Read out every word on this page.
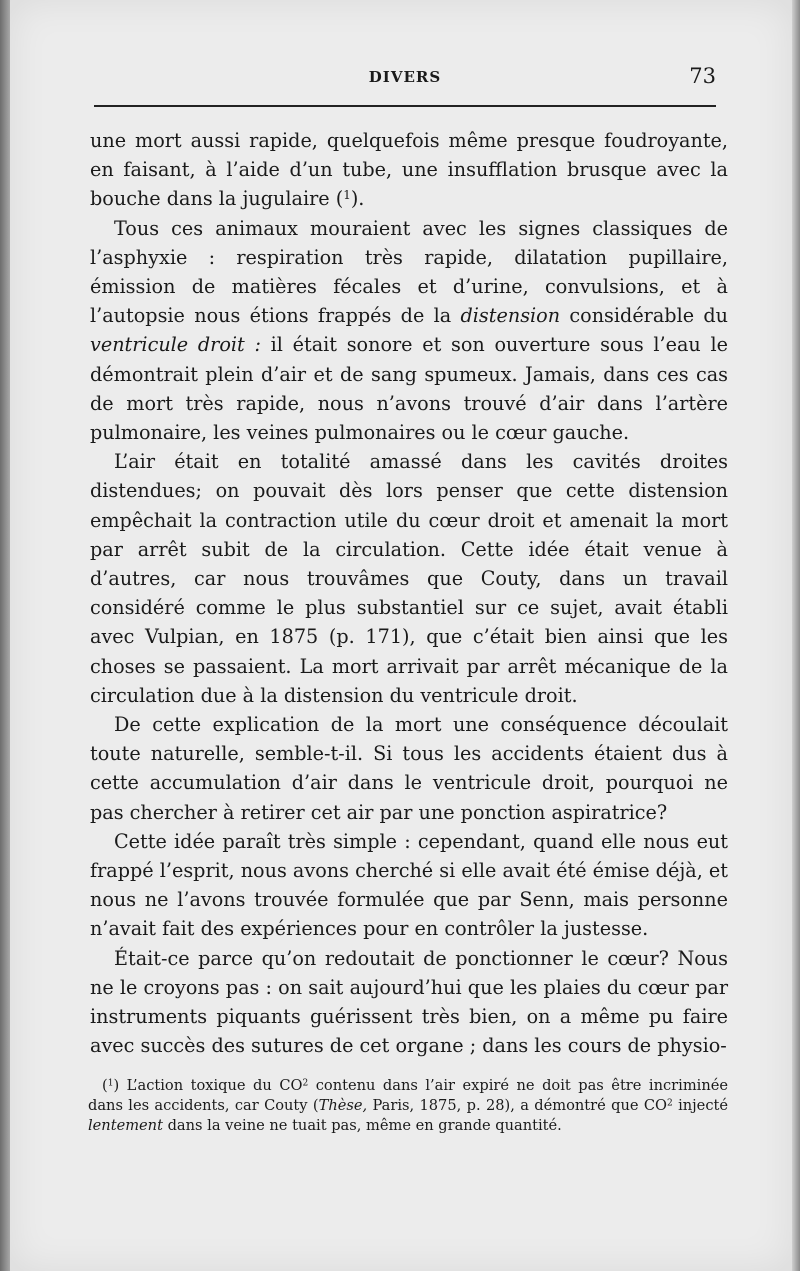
DIVERS	73

une mort aussi rapide, quelquefois même presque foudroyante, en faisant, à l’aide d’un tube, une insufflation brusque avec la bouche dans la jugulaire ($^1$).

Tous ces animaux mouraient avec les signes classiques de l’asphyxie : respiration très rapide, dilatation pupillaire, émission de matières fécales et d’urine, convulsions, et à l’autopsie nous étions frappés de la distension considérable du ventricule droit : il était sonore et son ouverture sous l’eau le démontrait plein d’air et de sang spumeux. Jamais, dans ces cas de mort très rapide, nous n’avons trouvé d’air dans l’artère pulmonaire, les veines pulmonaires ou le cœur gauche.

L’air était en totalité amassé dans les cavités droites distendues; on pouvait dès lors penser que cette distension empêchait la contraction utile du cœur droit et amenait la mort par arrêt subit de la circulation. Cette idée était venue à d’autres, car nous trouvâmes que Couty, dans un travail considéré comme le plus substantiel sur ce sujet, avait établi avec Vulpian, en 1875 (p. 171), que c’était bien ainsi que les choses se passaient. La mort arrivait par arrêt mécanique de la circulation due à la distension du ventricule droit.

De cette explication de la mort une conséquence découlait toute naturelle, semble-t-il. Si tous les accidents étaient dus à cette accumulation d’air dans le ventricule droit, pourquoi ne pas chercher à retirer cet air par une ponction aspiratrice?

Cette idée paraît très simple : cependant, quand elle nous eut frappé l’esprit, nous avons cherché si elle avait été émise déjà, et nous ne l’avons trouvée formulée que par Senn, mais personne n’avait fait des expériences pour en contrôler la justesse.

Était-ce parce qu’on redoutait de ponctionner le cœur? Nous ne le croyons pas : on sait aujourd’hui que les plaies du cœur par instruments piquants guérissent très bien, on a même pu faire avec succès des sutures de cet organe ; dans les cours de physio-

($^1$) L’action toxique du $CO^2$ contenu dans l’air expiré ne doit pas être incriminée dans les accidents, car Couty (Thèse, Paris, 1875, p. 28), a démontré que $CO^2$ injecté lentement dans la veine ne tuait pas, même en grande quantité.
